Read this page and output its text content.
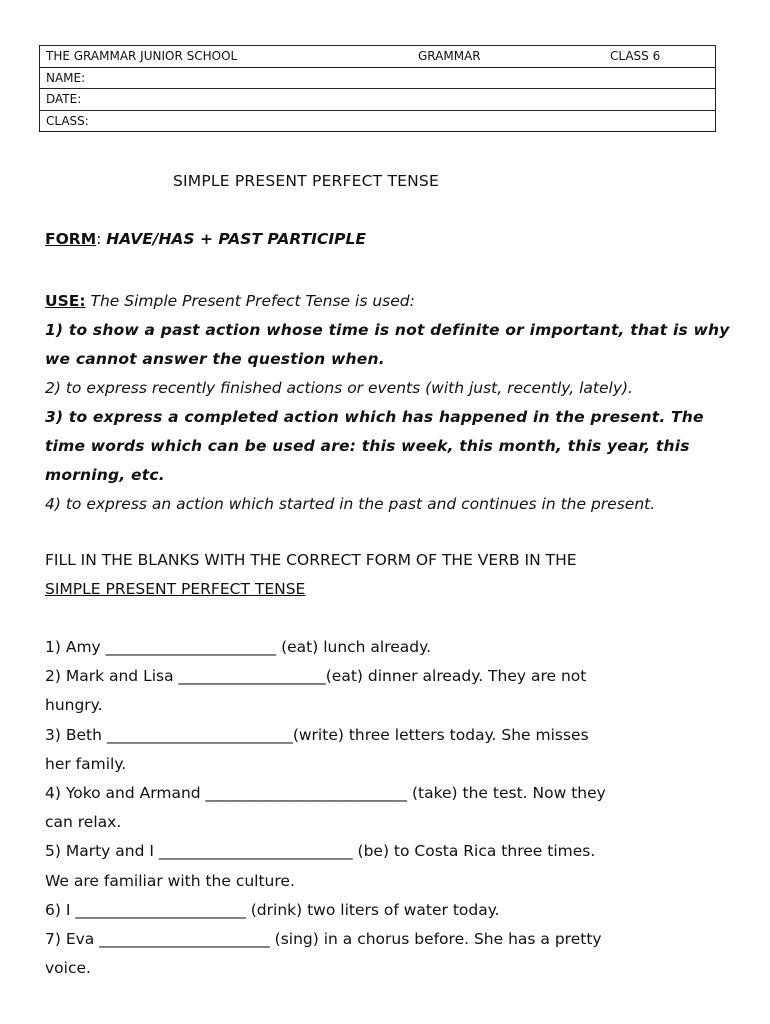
THE GRAMMAR JUNIOR SCHOOL	GRAMMAR	CLASS 6
NAME:
DATE:
CLASS:
SIMPLE PRESENT PERFECT TENSE
FORM: HAVE/HAS + PAST PARTICIPLE
USE: The Simple Present Prefect Tense is used:
1) to show a past action whose time is not definite or important, that is why
we cannot answer the question when.
2) to express recently finished actions or events (with just, recently, lately).
3) to express a completed action which has happened in the present. The
time words which can be used are: this week, this month, this year, this
morning, etc.
4) to express an action which started in the past and continues in the present.
FILL IN THE BLANKS WITH THE CORRECT FORM OF THE VERB IN THE
SIMPLE PRESENT PERFECT TENSE
1) Amy ______________________ (eat) lunch already.
2) Mark and Lisa ___________________(eat) dinner already. They are not
hungry.
3) Beth ________________________(write) three letters today. She misses
her family.
4) Yoko and Armand __________________________ (take) the test. Now they
can relax.
5) Marty and I _________________________ (be) to Costa Rica three times.
We are familiar with the culture.
6) I ______________________ (drink) two liters of water today.
7) Eva ______________________ (sing) in a chorus before. She has a pretty
voice.
